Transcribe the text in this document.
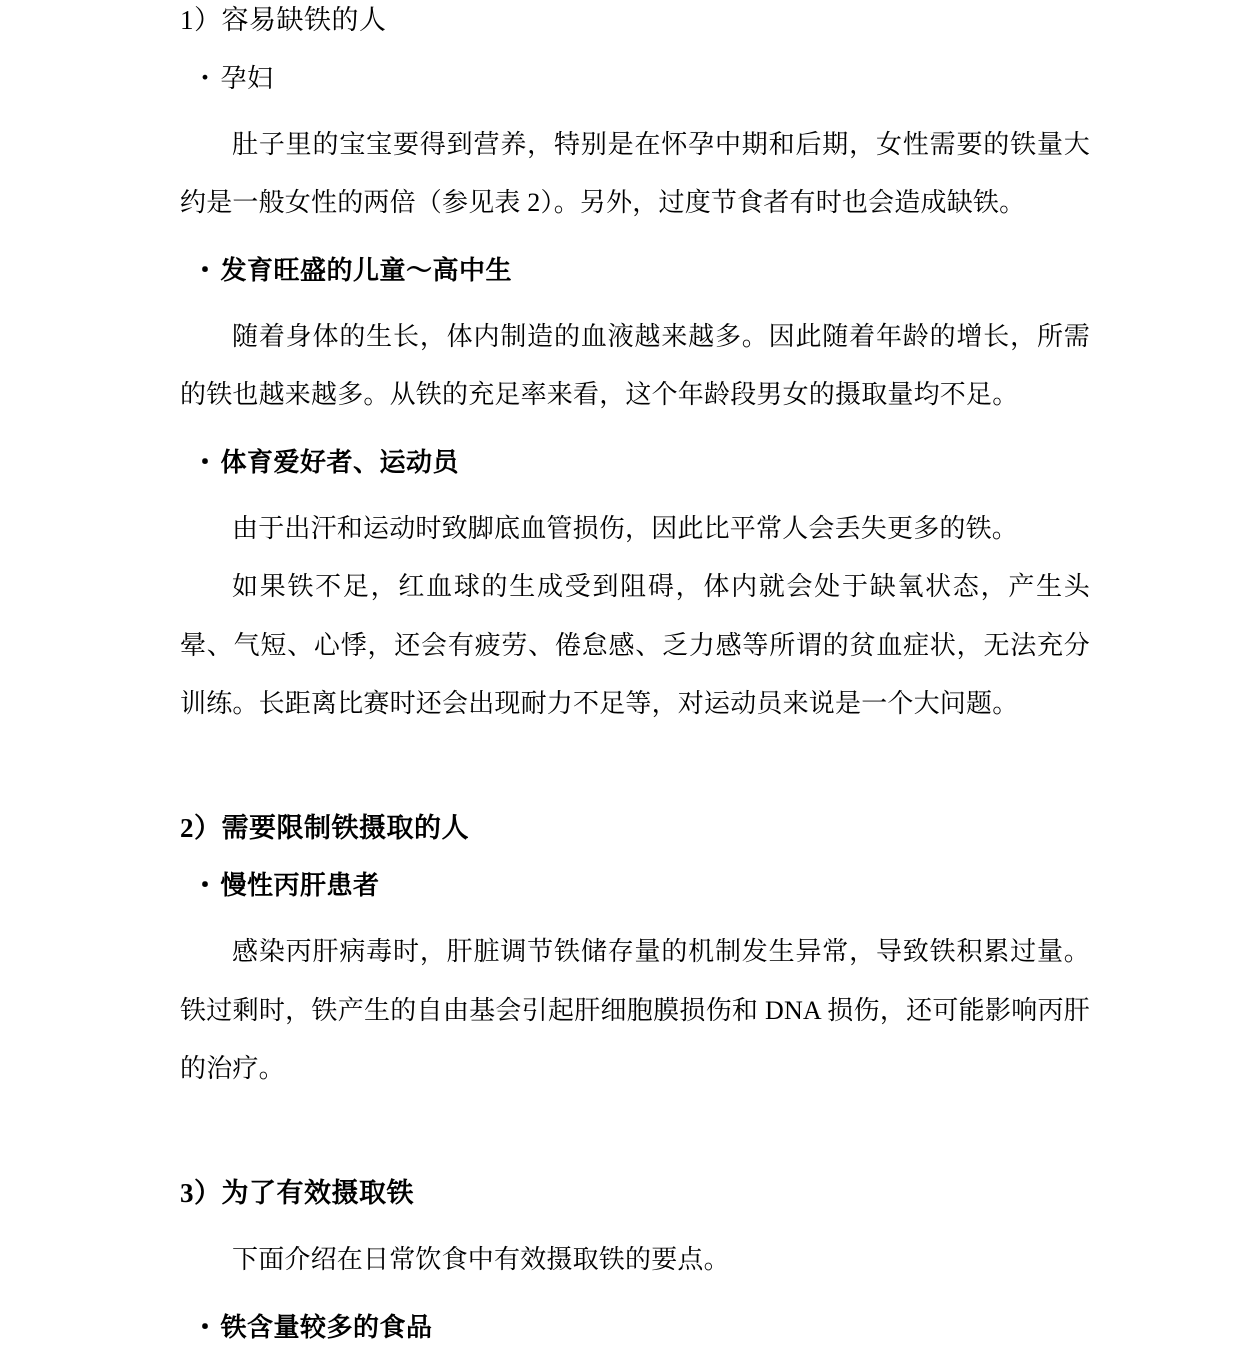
1）容易缺铁的人
・孕妇

肚子里的宝宝要得到营养，特别是在怀孕中期和后期，女性需要的铁量大约是一般女性的两倍（参见表 2）。另外，过度节食者有时也会造成缺铁。

・发育旺盛的儿童～高中生

随着身体的生长，体内制造的血液越来越多。因此随着年龄的增长，所需的铁也越来越多。从铁的充足率来看，这个年龄段男女的摄取量均不足。

・体育爱好者、运动员

由于出汗和运动时致脚底血管损伤，因此比平常人会丢失更多的铁。

如果铁不足，红血球的生成受到阻碍，体内就会处于缺氧状态，产生头晕、气短、心悸，还会有疲劳、倦怠感、乏力感等所谓的贫血症状，无法充分训练。长距离比赛时还会出现耐力不足等，对运动员来说是一个大问题。

2）需要限制铁摄取的人
・慢性丙肝患者

感染丙肝病毒时，肝脏调节铁储存量的机制发生异常，导致铁积累过量。铁过剩时，铁产生的自由基会引起肝细胞膜损伤和 DNA 损伤，还可能影响丙肝的治疗。

3）为了有效摄取铁

下面介绍在日常饮食中有效摄取铁的要点。

・铁含量较多的食品
